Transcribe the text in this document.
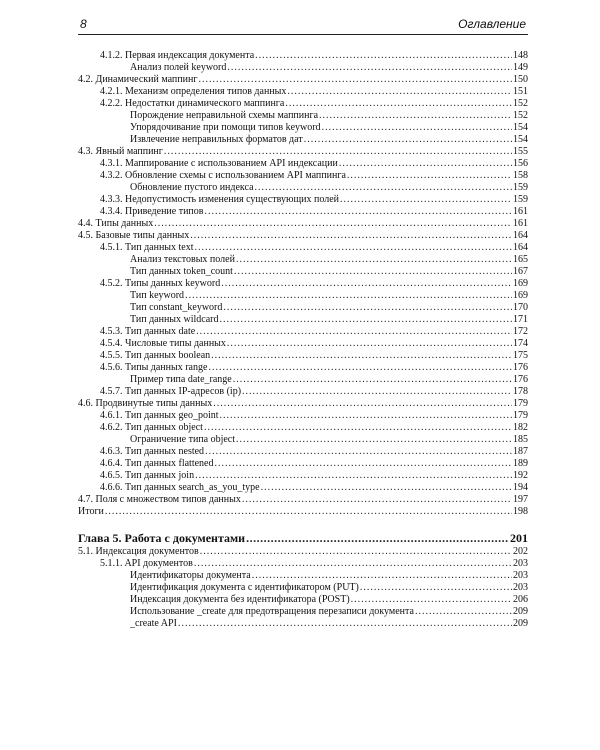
8	Оглавление
4.1.2. Первая индексация документа .....	148
Анализ полей keyword .....	149
4.2. Динамический маппинг .....	150
4.2.1. Механизм определения типов данных .....	151
4.2.2. Недостатки динамического маппинга .....	152
Порождение неправильной схемы маппинга .....	152
Упорядочивание при помощи типов keyword .....	154
Извлечение неправильных форматов дат .....	154
4.3. Явный маппинг .....	155
4.3.1. Маппирование с использованием API индексации .....	156
4.3.2. Обновление схемы с использованием API маппинга .....	158
Обновление пустого индекса .....	159
4.3.3. Недопустимость изменения существующих полей .....	159
4.3.4. Приведение типов .....	161
4.4. Типы данных .....	161
4.5. Базовые типы данных .....	164
4.5.1. Тип данных text .....	164
Анализ текстовых полей .....	165
Тип данных token_count .....	167
4.5.2. Типы данных keyword .....	169
Тип keyword .....	169
Тип constant_keyword .....	170
Тип данных wildcard .....	171
4.5.3. Тип данных date .....	172
4.5.4. Числовые типы данных .....	174
4.5.5. Тип данных boolean .....	175
4.5.6. Типы данных range .....	176
Пример типа date_range .....	176
4.5.7. Тип данных IP-адресов (ip) .....	178
4.6. Продвинутые типы данных .....	179
4.6.1. Тип данных geo_point .....	179
4.6.2. Тип данных object .....	182
Ограничение типа object .....	185
4.6.3. Тип данных nested .....	187
4.6.4. Тип данных flattened .....	189
4.6.5. Тип данных join .....	192
4.6.6. Тип данных search_as_you_type .....	194
4.7. Поля с множеством типов данных .....	197
Итоги .....	198
Глава 5. Работа с документами .....	201
5.1. Индексация документов .....	202
5.1.1. API документов .....	203
Идентификаторы документа .....	203
Идентификация документа с идентификатором (PUT) .....	203
Индексация документа без идентификатора (POST) .....	206
Использование _create для предотвращения перезаписи документа .....	209
_create API .....	209
